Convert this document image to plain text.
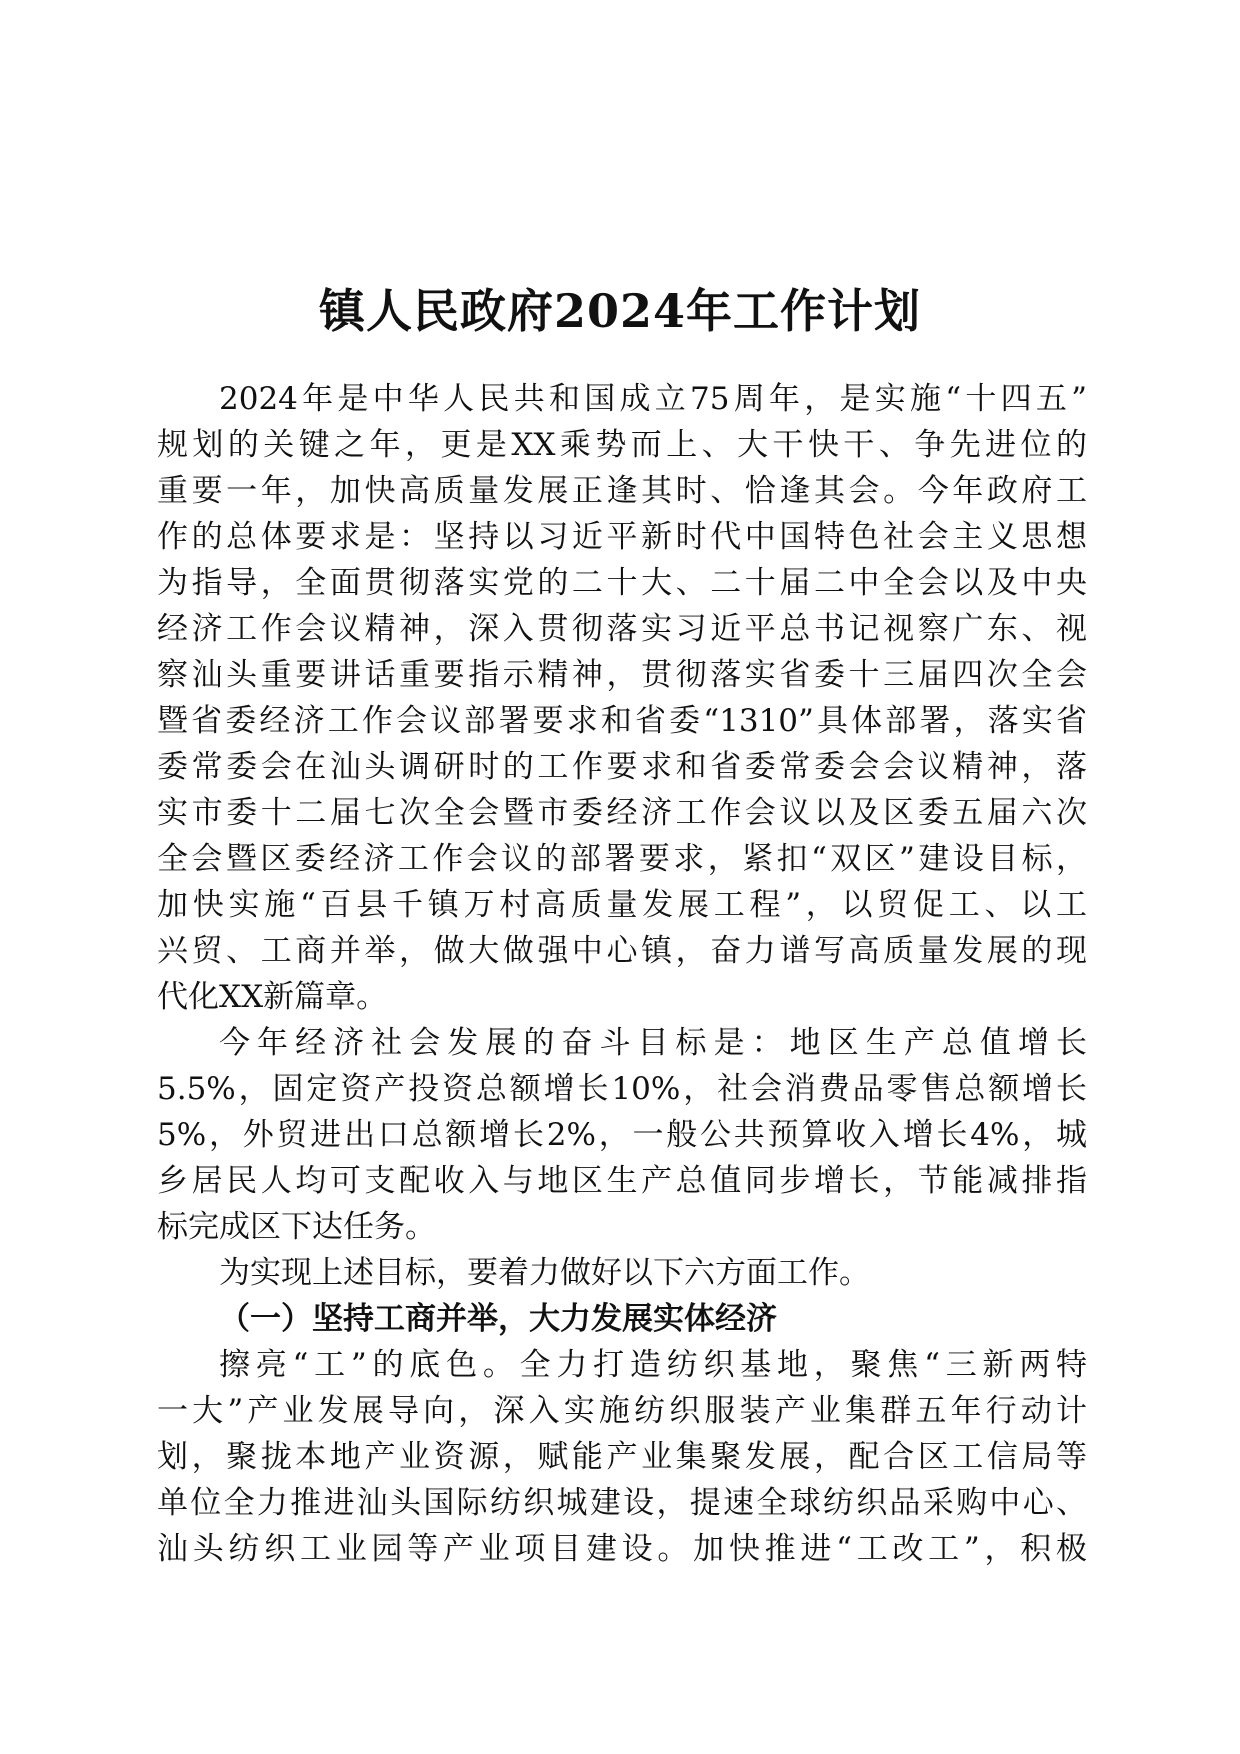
镇人民政府2024年工作计划
2024年是中华人民共和国成立75周年，是实施“十四五”
规划的关键之年，更是XX乘势而上、大干快干、争先进位的
重要一年，加快高质量发展正逢其时、恰逢其会。今年政府工
作的总体要求是：坚持以习近平新时代中国特色社会主义思想
为指导，全面贯彻落实党的二十大、二十届二中全会以及中央
经济工作会议精神，深入贯彻落实习近平总书记视察广东、视
察汕头重要讲话重要指示精神，贯彻落实省委十三届四次全会
暨省委经济工作会议部署要求和省委“1310”具体部署，落实省
委常委会在汕头调研时的工作要求和省委常委会会议精神，落
实市委十二届七次全会暨市委经济工作会议以及区委五届六次
全会暨区委经济工作会议的部署要求，紧扣“双区”建设目标，
加快实施“百县千镇万村高质量发展工程”，以贸促工、以工
兴贸、工商并举，做大做强中心镇，奋力谱写高质量发展的现
代化XX新篇章。
今年经济社会发展的奋斗目标是：地区生产总值增长
5.5%，固定资产投资总额增长10%，社会消费品零售总额增长
5%，外贸进出口总额增长2%，一般公共预算收入增长4%，城
乡居民人均可支配收入与地区生产总值同步增长，节能减排指
标完成区下达任务。
为实现上述目标，要着力做好以下六方面工作。
（一）坚持工商并举，大力发展实体经济
擦亮“工”的底色。全力打造纺织基地，聚焦“三新两特
一大”产业发展导向，深入实施纺织服装产业集群五年行动计
划，聚拢本地产业资源，赋能产业集聚发展，配合区工信局等
单位全力推进汕头国际纺织城建设，提速全球纺织品采购中心、
汕头纺织工业园等产业项目建设。加快推进“工改工”，积极
